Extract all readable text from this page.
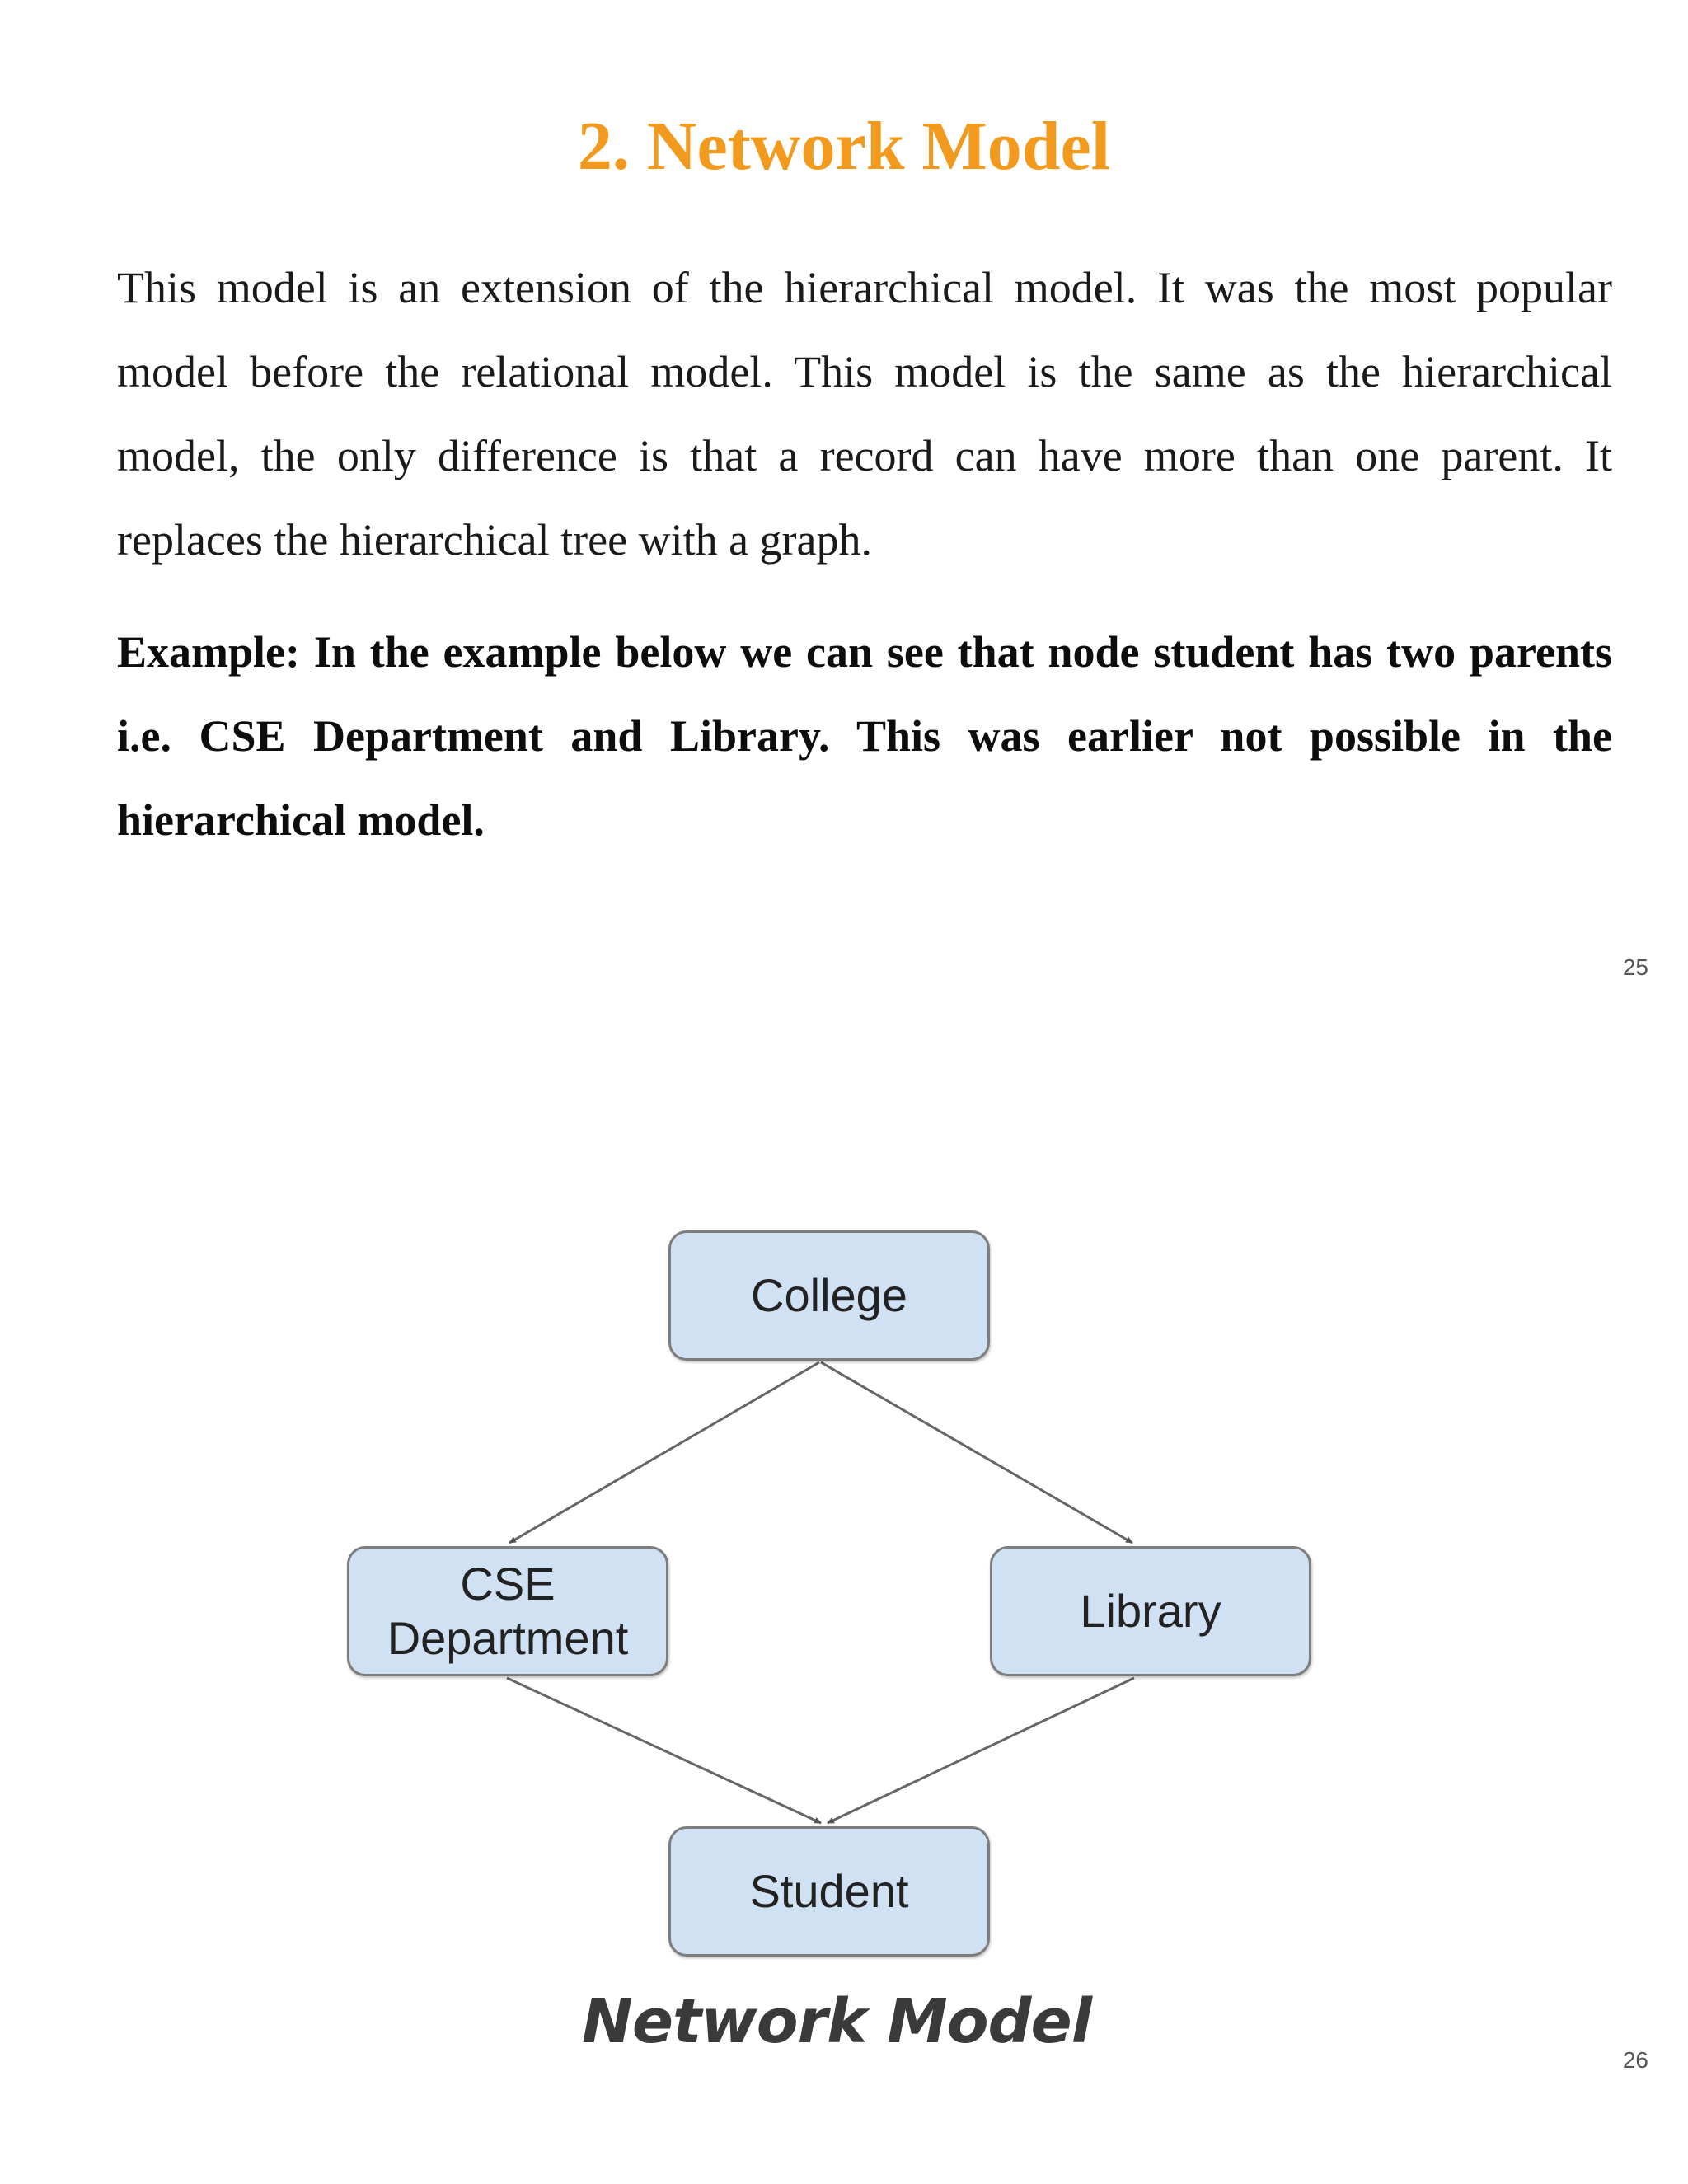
2. Network Model

This model is an extension of the hierarchical model. It was the most popular model before the relational model. This model is the same as the hierarchical model, the only difference is that a record can have more than one parent. It replaces the hierarchical tree with a graph.

Example: In the example below we can see that node student has two parents i.e. CSE Department and Library. This was earlier not possible in the hierarchical model.

25
College
CSE
Department
Library
Student
Network Model
26
